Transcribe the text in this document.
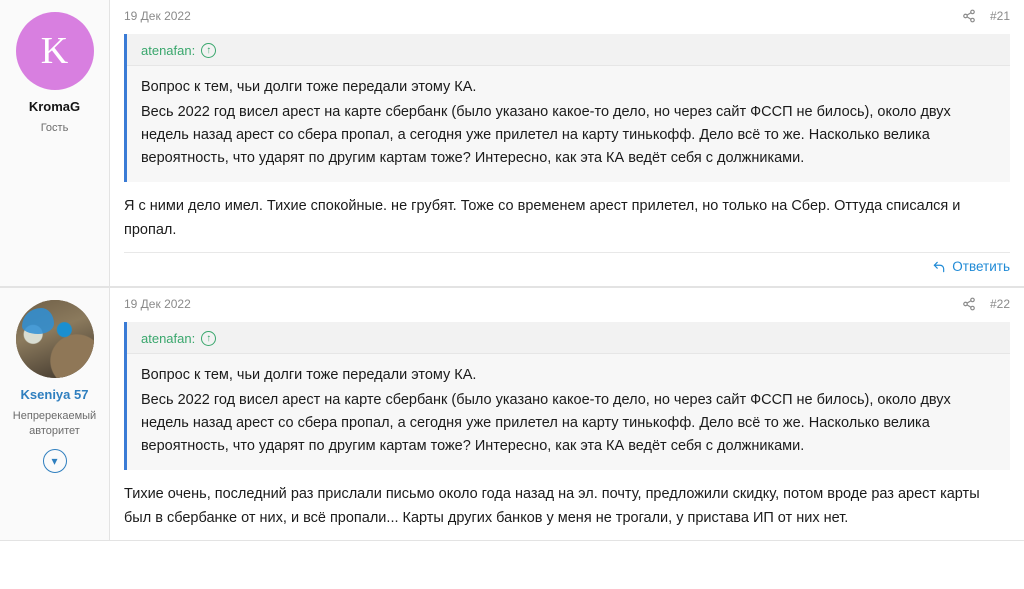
K
KromaG
Гость
19 Дек 2022	#21
atenafan:	↑

Вопрос к тем, чьи долги тоже передали этому КА.

Весь 2022 год висел арест на карте сбербанк (было указано какое-то дело, но через сайт ФССП не билось), около двух недель назад арест со сбера пропал, а сегодня уже прилетел на карту тинькофф. Дело всё то же. Насколько велика вероятность, что ударят по другим картам тоже? Интересно, как эта КА ведёт себя с должниками.

Я с ними дело имел. Тихие спокойные. не грубят. Тоже со временем арест прилетел, но только на Сбер. Оттуда списался и пропал.

Ответить
Kseniya 57
Непререкаемый авторитет
▾
19 Дек 2022	#22
atenafan:	↑

Вопрос к тем, чьи долги тоже передали этому КА.

Весь 2022 год висел арест на карте сбербанк (было указано какое-то дело, но через сайт ФССП не билось), около двух недель назад арест со сбера пропал, а сегодня уже прилетел на карту тинькофф. Дело всё то же. Насколько велика вероятность, что ударят по другим картам тоже? Интересно, как эта КА ведёт себя с должниками.

Тихие очень, последний раз прислали письмо около года назад на эл. почту, предложили скидку, потом вроде раз арест карты был в сбербанке от них, и всё пропали... Карты других банков у меня не трогали, у пристава ИП от них нет.
